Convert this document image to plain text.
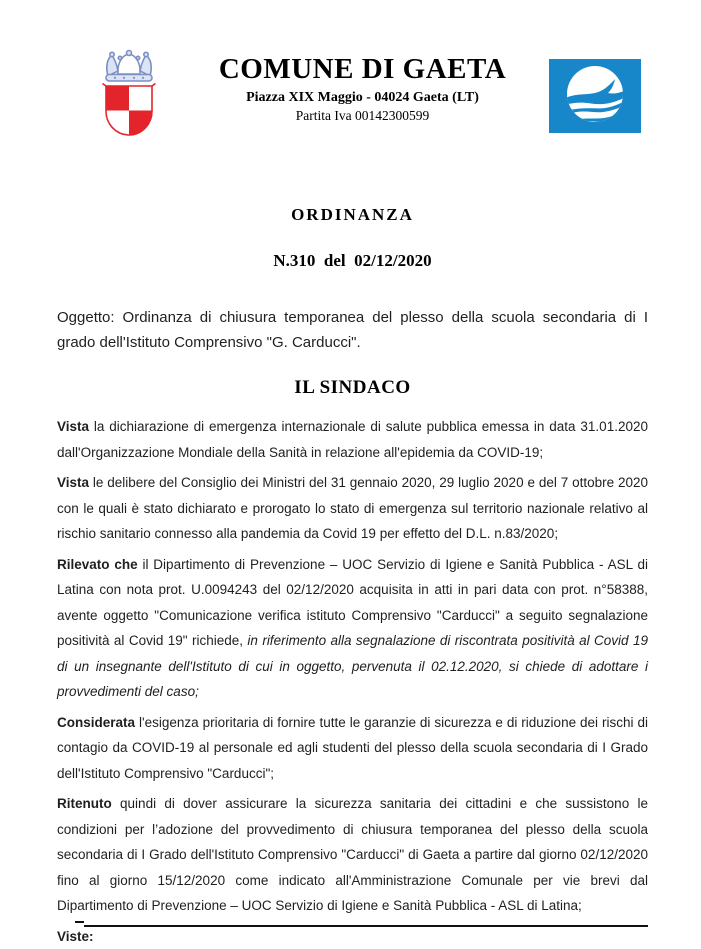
COMUNE DI GAETA
Piazza XIX Maggio - 04024 Gaeta (LT)
Partita Iva 00142300599
ORDINANZA
N.310  del  02/12/2020
Oggetto: Ordinanza di chiusura temporanea del plesso della scuola secondaria di I grado dell'Istituto Comprensivo "G. Carducci".
IL SINDACO

Vista la dichiarazione di emergenza internazionale di salute pubblica emessa in data 31.01.2020 dall'Organizzazione Mondiale della Sanità in relazione all'epidemia da COVID-19;

Vista le delibere del Consiglio dei Ministri del 31 gennaio 2020, 29 luglio 2020 e del 7 ottobre 2020 con le quali è stato dichiarato e prorogato lo stato di emergenza sul territorio nazionale relativo al rischio sanitario connesso alla pandemia da Covid 19 per effetto del D.L. n.83/2020;

Rilevato che il Dipartimento di Prevenzione – UOC Servizio di Igiene e Sanità Pubblica - ASL di Latina con nota prot. U.0094243 del 02/12/2020 acquisita in atti in pari data con prot. n°58388, avente oggetto "Comunicazione verifica istituto Comprensivo "Carducci" a seguito segnalazione positività al Covid 19" richiede, in riferimento alla segnalazione di riscontrata positività al Covid 19 di un insegnante dell'Istituto di cui in oggetto, pervenuta il 02.12.2020, si chiede di adottare i provvedimenti del caso;

Considerata l'esigenza prioritaria di fornire tutte le garanzie di sicurezza e di riduzione dei rischi di contagio da COVID-19 al personale ed agli studenti del plesso della scuola secondaria di I Grado dell'Istituto Comprensivo "Carducci";

Ritenuto quindi di dover assicurare la sicurezza sanitaria dei cittadini e che sussistono le condizioni per l’adozione del provvedimento di chiusura temporanea del plesso della scuola secondaria di I Grado dell'Istituto Comprensivo "Carducci" di Gaeta a partire dal giorno 02/12/2020 fino al giorno 15/12/2020 come indicato all'Amministrazione Comunale per vie brevi dal Dipartimento di Prevenzione – UOC Servizio di Igiene e Sanità Pubblica - ASL di Latina;

Viste:
